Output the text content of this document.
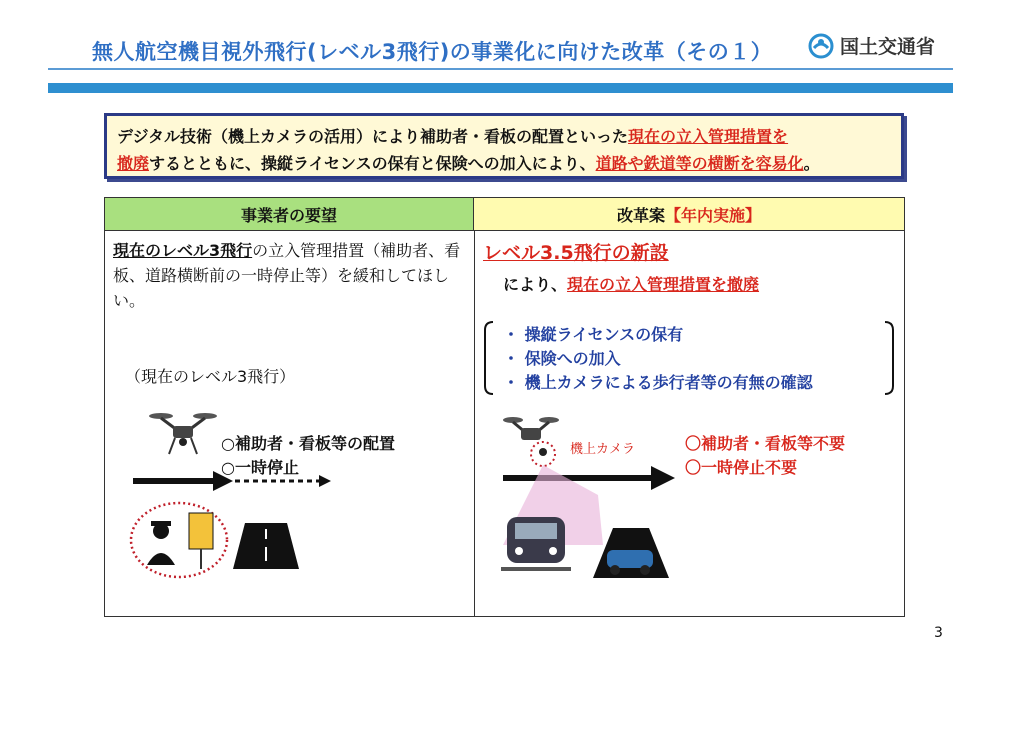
無人航空機目視外飛行(レベル3飛行)の事業化に向けた改革（その１）	国土交通省
デジタル技術（機上カメラの活用）により補助者・看板の配置といった現在の立入管理措置を
撤廃するとともに、操縦ライセンスの保有と保険への加入により、道路や鉄道等の横断を容易化。
事業者の要望	改革案 【年内実施】
現在のレベル3飛行の立入管理措置（補助者、看板、道路横断前の一時停止等）を緩和してほしい。
（現在のレベル3飛行）
○補助者・看板等の配置
○一時停止
レベル3.5飛行の新設
により、現在の立入管理措置を撤廃
・ 操縦ライセンスの保有
・ 保険への加入
・ 機上カメラによる歩行者等の有無の確認
機上カメラ	〇補助者・看板等不要
〇一時停止不要
3
